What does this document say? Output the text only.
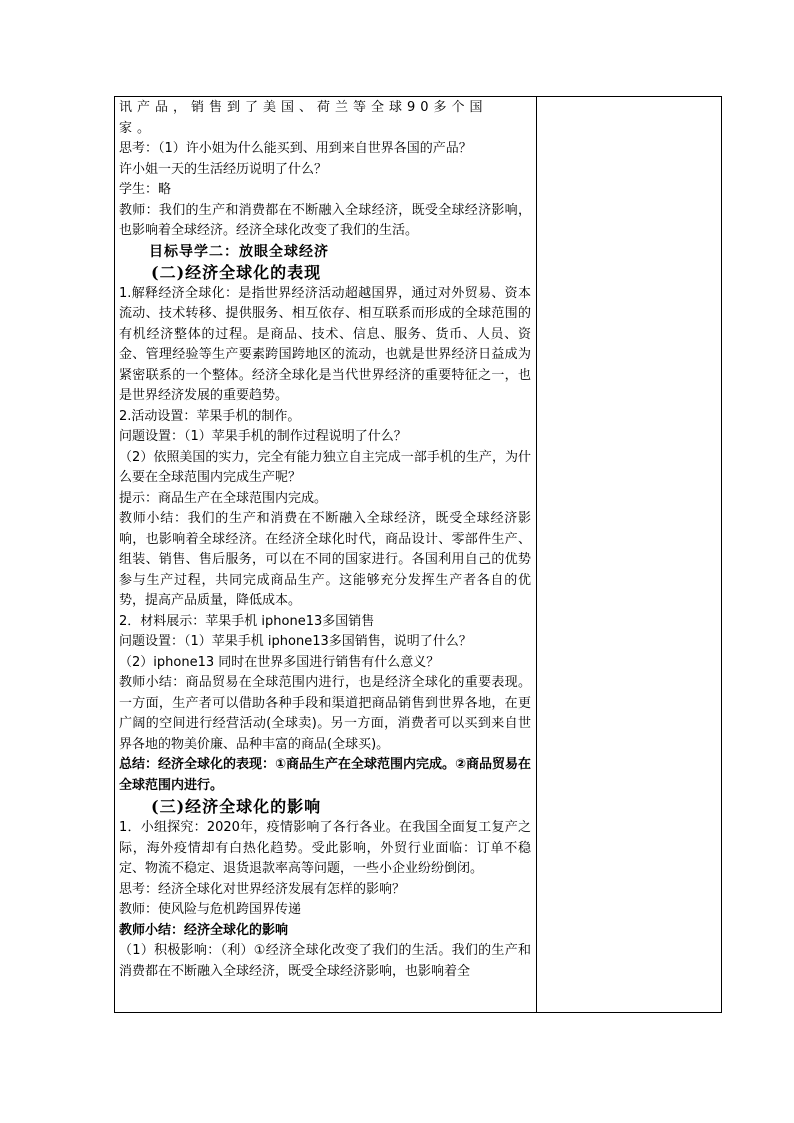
讯产品，销售到了美国、荷兰等全球90多个国

家。

思考：（1）许小姐为什么能买到、用到来自世界各国的产品？

许小姐一天的生活经历说明了什么？

学生：略

教师：我们的生产和消费都在不断融入全球经济，既受全球经济影响，也影响着全球经济。经济全球化改变了我们的生活。

目标导学二：放眼全球经济

(二)经济全球化的表现

1.解释经济全球化：是指世界经济活动超越国界，通过对外贸易、资本流动、技术转移、提供服务、相互依存、相互联系而形成的全球范围的有机经济整体的过程。是商品、技术、信息、服务、货币、人员、资金、管理经验等生产要素跨国跨地区的流动，也就是世界经济日益成为紧密联系的一个整体。经济全球化是当代世界经济的重要特征之一，也是世界经济发展的重要趋势。

2.活动设置：苹果手机的制作。

问题设置：（1）苹果手机的制作过程说明了什么？

（2）依照美国的实力，完全有能力独立自主完成一部手机的生产，为什么要在全球范围内完成生产呢？

提示：商品生产在全球范围内完成。

教师小结：我们的生产和消费在不断融入全球经济，既受全球经济影响，也影响着全球经济。在经济全球化时代，商品设计、零部件生产、组装、销售、售后服务，可以在不同的国家进行。各国利用自己的优势参与生产过程，共同完成商品生产。这能够充分发挥生产者各自的优势，提高产品质量，降低成本。

2．材料展示：苹果手机 iphone13多国销售

问题设置：（1）苹果手机 iphone13多国销售，说明了什么？

（2）iphone13 同时在世界多国进行销售有什么意义？

教师小结：商品贸易在全球范围内进行，也是经济全球化的重要表现。一方面，生产者可以借助各种手段和渠道把商品销售到世界各地，在更广阔的空间进行经营活动(全球卖)。另一方面，消费者可以买到来自世界各地的物美价廉、品种丰富的商品(全球买)。

总结：经济全球化的表现：①商品生产在全球范围内完成。②商品贸易在全球范围内进行。

(三)经济全球化的影响

1．小组探究：2020年，疫情影响了各行各业。在我国全面复工复产之际，海外疫情却有白热化趋势。受此影响，外贸行业面临：订单不稳定、物流不稳定、退货退款率高等问题，一些小企业纷纷倒闭。

思考：经济全球化对世界经济发展有怎样的影响？

教师：使风险与危机跨国界传递

教师小结：经济全球化的影响

（1）积极影响：（利）①经济全球化改变了我们的生活。我们的生产和消费都在不断融入全球经济，既受全球经济影响，也影响着全
